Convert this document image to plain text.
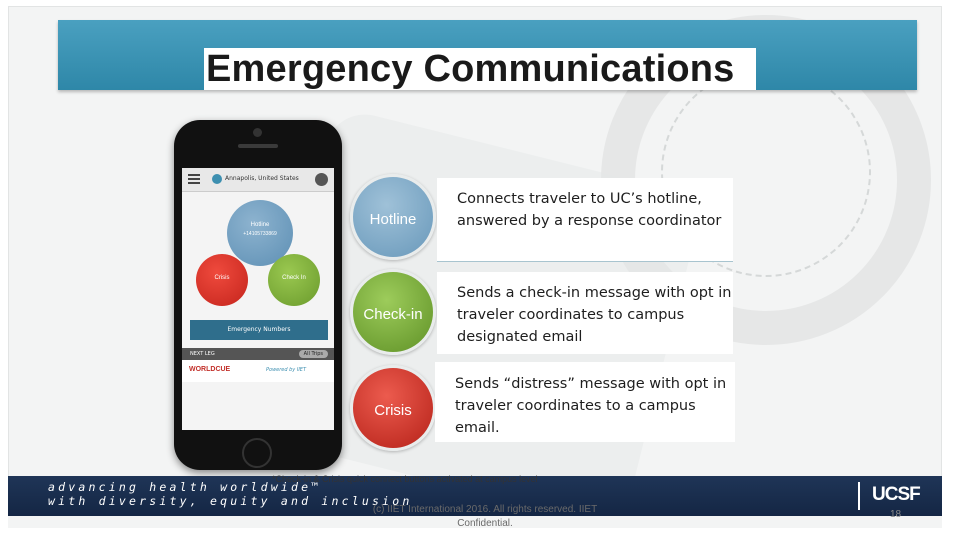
Emergency Communications
Annapolis, United States
Hotline
+14105733869
Crisis	Check In
Emergency Numbers
NEXT LEG	All Trips
WORLDCUE	Powered by IIET
Hotline
Check-in
Crisis
Connects traveler to UC’s hotline, answered by a response coordinator
Sends a check-in message with opt in traveler coordinates to campus designated email
Sends “distress” message with opt in traveler coordinates to a campus email.
*Check-in & Crisis quick connect buttons activated at campus level
advancing health worldwide™
with diversity, equity and inclusion	UCSF
(c) IIET International 2016. All rights reserved. IIET Confidential.
18
